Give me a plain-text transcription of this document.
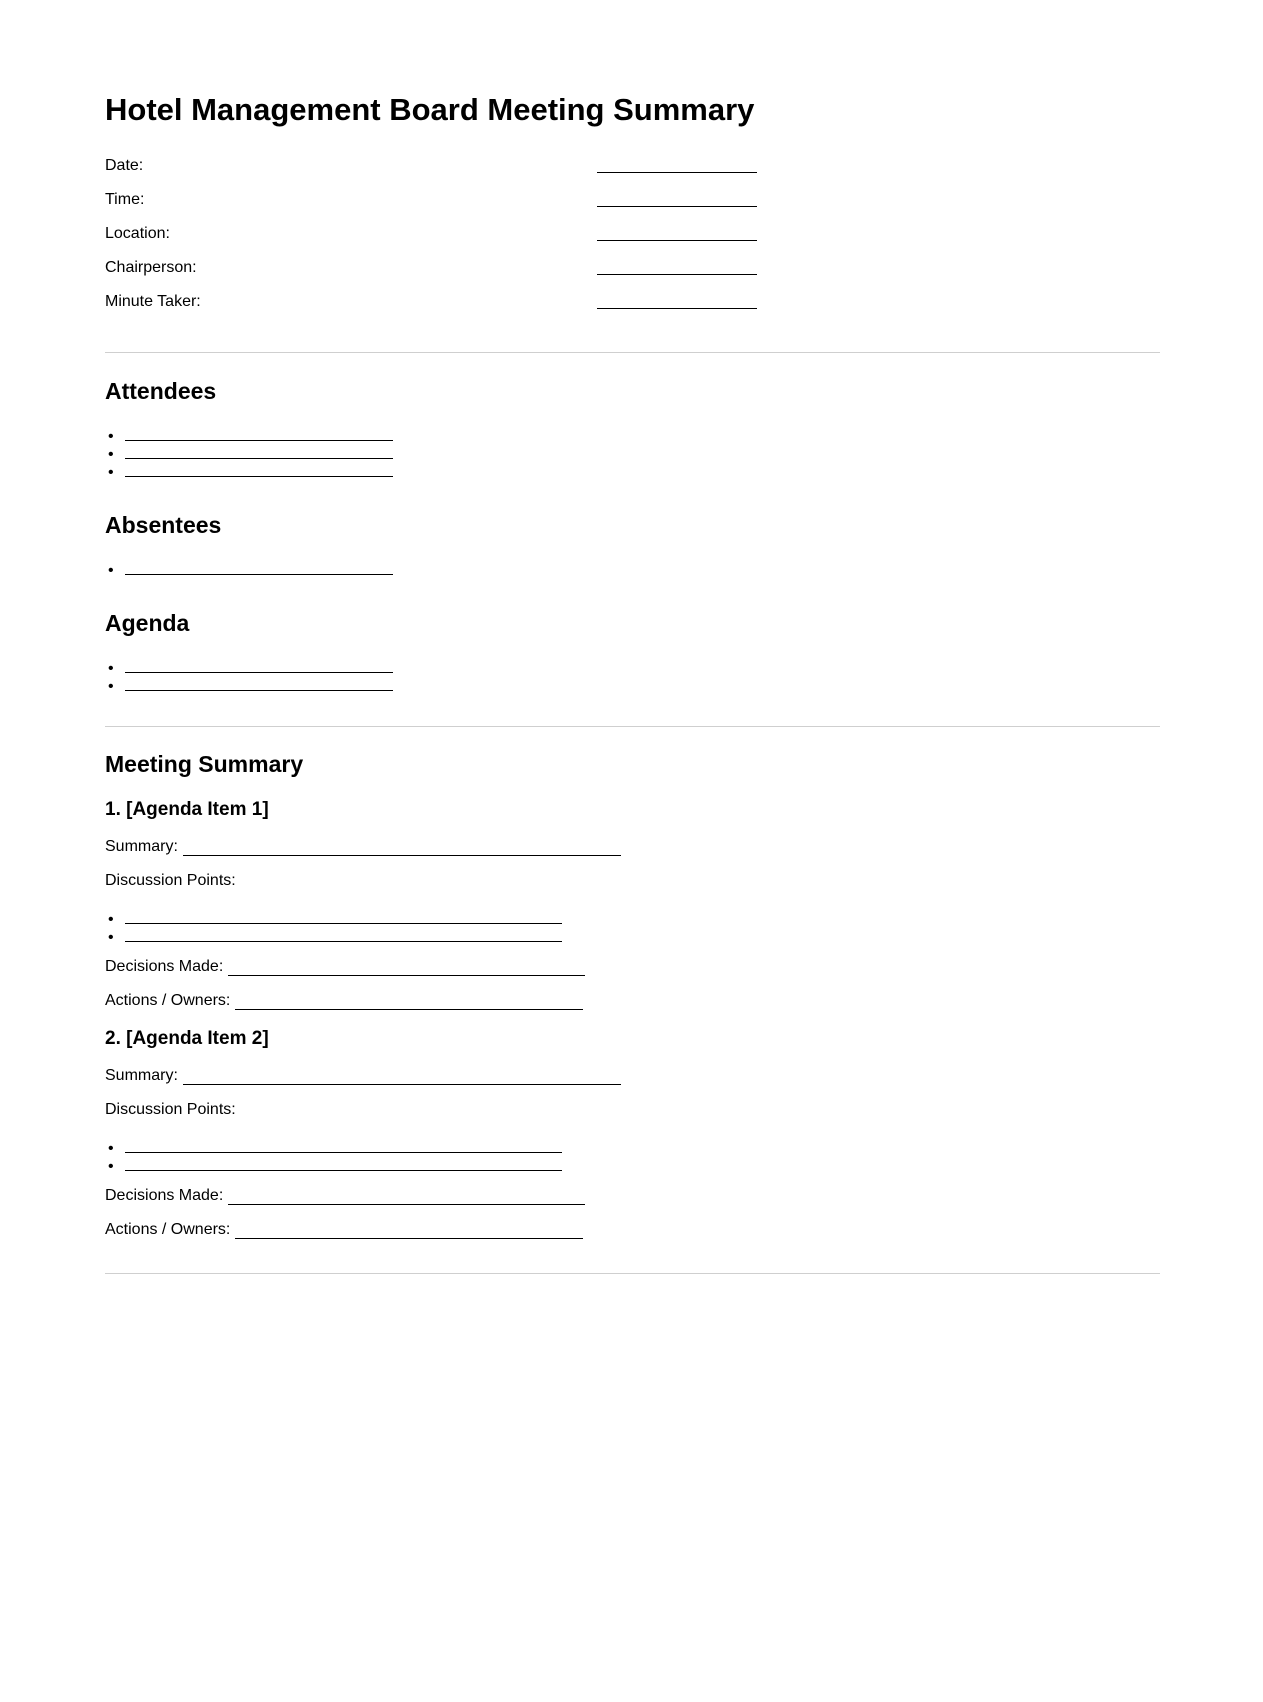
Hotel Management Board Meeting Summary
Date:
Time:
Location:
Chairperson:
Minute Taker:
Attendees
•
•
•
Absentees
•
Agenda
•
•
Meeting Summary
1. [Agenda Item 1]
Summary:
Discussion Points:
•
•
Decisions Made:
Actions / Owners:
2. [Agenda Item 2]
Summary:
Discussion Points:
•
•
Decisions Made:
Actions / Owners:
